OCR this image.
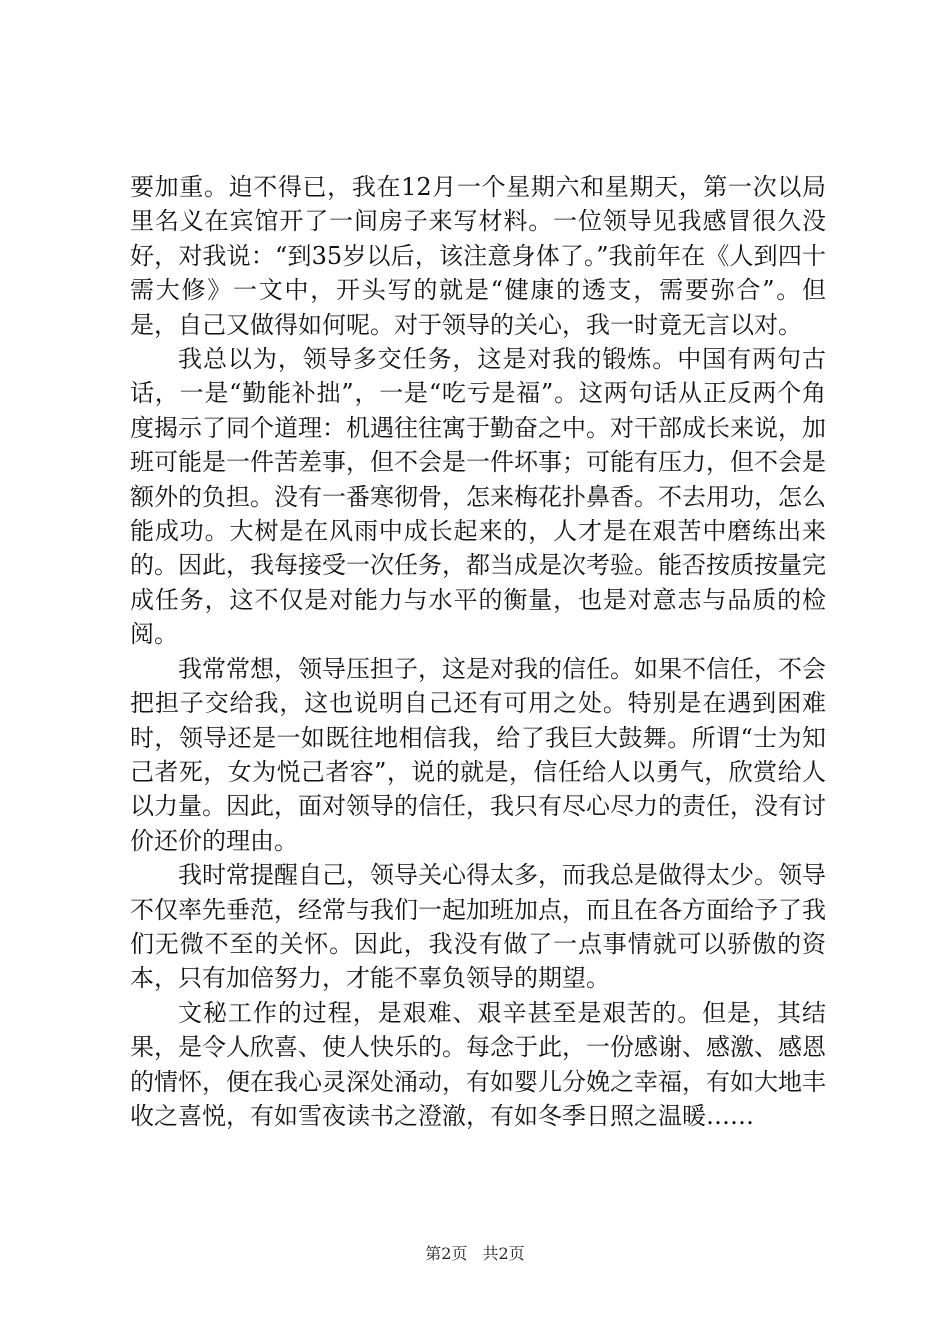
要加重。迫不得已，我在12月一个星期六和星期天，第一次以局里名义在宾馆开了一间房子来写材料。一位领导见我感冒很久没好，对我说：“到35岁以后，该注意身体了。”我前年在《人到四十需大修》一文中，开头写的就是“健康的透支，需要弥合”。但是，自己又做得如何呢。对于领导的关心，我一时竟无言以对。

我总以为，领导多交任务，这是对我的锻炼。中国有两句古话，一是“勤能补拙”，一是“吃亏是福”。这两句话从正反两个角度揭示了同个道理：机遇往往寓于勤奋之中。对干部成长来说，加班可能是一件苦差事，但不会是一件坏事；可能有压力，但不会是额外的负担。没有一番寒彻骨，怎来梅花扑鼻香。不去用功，怎么能成功。大树是在风雨中成长起来的，人才是在艰苦中磨练出来的。因此，我每接受一次任务，都当成是次考验。能否按质按量完成任务，这不仅是对能力与水平的衡量，也是对意志与品质的检阅。

我常常想，领导压担子，这是对我的信任。如果不信任，不会把担子交给我，这也说明自己还有可用之处。特别是在遇到困难时，领导还是一如既往地相信我，给了我巨大鼓舞。所谓“士为知己者死，女为悦己者容”，说的就是，信任给人以勇气，欣赏给人以力量。因此，面对领导的信任，我只有尽心尽力的责任，没有讨价还价的理由。

我时常提醒自己，领导关心得太多，而我总是做得太少。领导不仅率先垂范，经常与我们一起加班加点，而且在各方面给予了我们无微不至的关怀。因此，我没有做了一点事情就可以骄傲的资本，只有加倍努力，才能不辜负领导的期望。

文秘工作的过程，是艰难、艰辛甚至是艰苦的。但是，其结果，是令人欣喜、使人快乐的。每念于此，一份感谢、感激、感恩的情怀，便在我心灵深处涌动，有如婴儿分娩之幸福，有如大地丰收之喜悦，有如雪夜读书之澄澈，有如冬季日照之温暖……

第2页 共2页
